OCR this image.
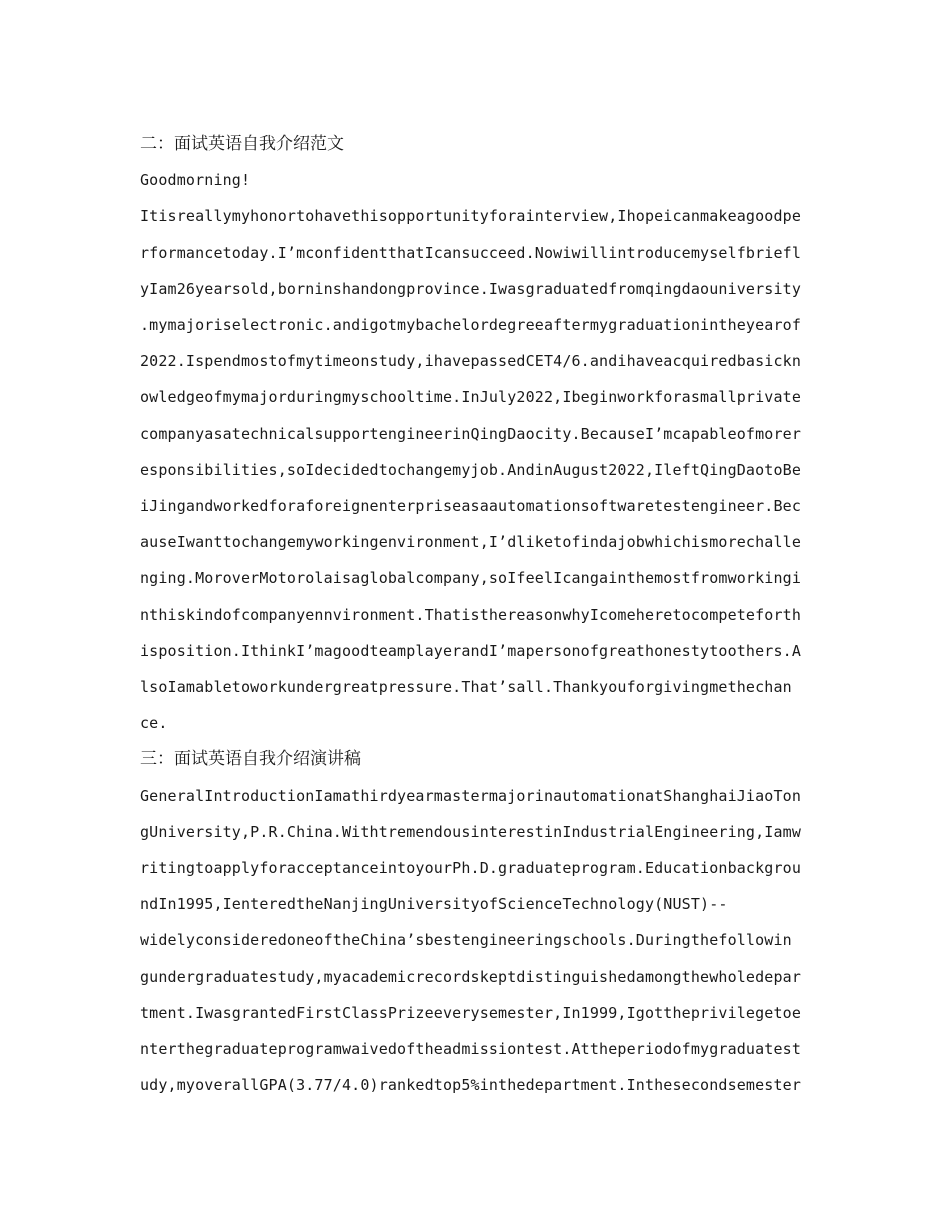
二：面试英语自我介绍范文
Goodmorning!
Itisreallymyhonortohavethisopportunityforainterview,Ihopeicanmakeagoodpe
rformancetoday.I’mconfidentthatIcansucceed.Nowiwillintroducemyselfbriefl
yIam26yearsold,borninshandongprovince.Iwasgraduatedfromqingdaouniversity
.mymajoriselectronic.andigotmybachelordegreeaftermygraduationintheyearof
2022.Ispendmostofmytimeonstudy,ihavepassedCET4/6.andihaveacquiredbasickn
owledgeofmymajorduringmyschooltime.InJuly2022,Ibeginworkforasmallprivate
companyasatechnicalsupportengineerinQingDaocity.BecauseI’mcapableofmorer
esponsibilities,soIdecidedtochangemyjob.AndinAugust2022,IleftQingDaotoBe
iJingandworkedforaforeignenterpriseasaautomationsoftwaretestengineer.Bec
auseIwanttochangemyworkingenvironment,I’dliketofindajobwhichismorechalle
nging.MoroverMotorolaisaglobalcompany,soIfeelIcangainthemostfromworkingi
nthiskindofcompanyennvironment.ThatisthereasonwhyIcomeheretocompeteforth
isposition.IthinkI’magoodteamplayerandI’mapersonofgreathonestytoothers.A
lsoIamabletoworkundergreatpressure.That’sall.Thankyouforgivingmethechan
ce.
三：面试英语自我介绍演讲稿
GeneralIntroductionIamathirdyearmastermajorinautomationatShanghaiJiaoTon
gUniversity,P.R.China.WithtremendousinterestinIndustrialEngineering,Iamw
ritingtoapplyforacceptanceintoyourPh.D.graduateprogram.Educationbackgrou
ndIn1995,IenteredtheNanjingUniversityofScienceTechnology(NUST)--
widelyconsideredoneoftheChina’sbestengineeringschools.Duringthefollowin
gundergraduatestudy,myacademicrecordskeptdistinguishedamongthewholedepar
tment.IwasgrantedFirstClassPrizeeverysemester,In1999,Igottheprivilegetoe
nterthegraduateprogramwaivedoftheadmissiontest.Attheperiodofmygraduatest
udy,myoverallGPA(3.77/4.0)rankedtop5%inthedepartment.Inthesecondsemester
